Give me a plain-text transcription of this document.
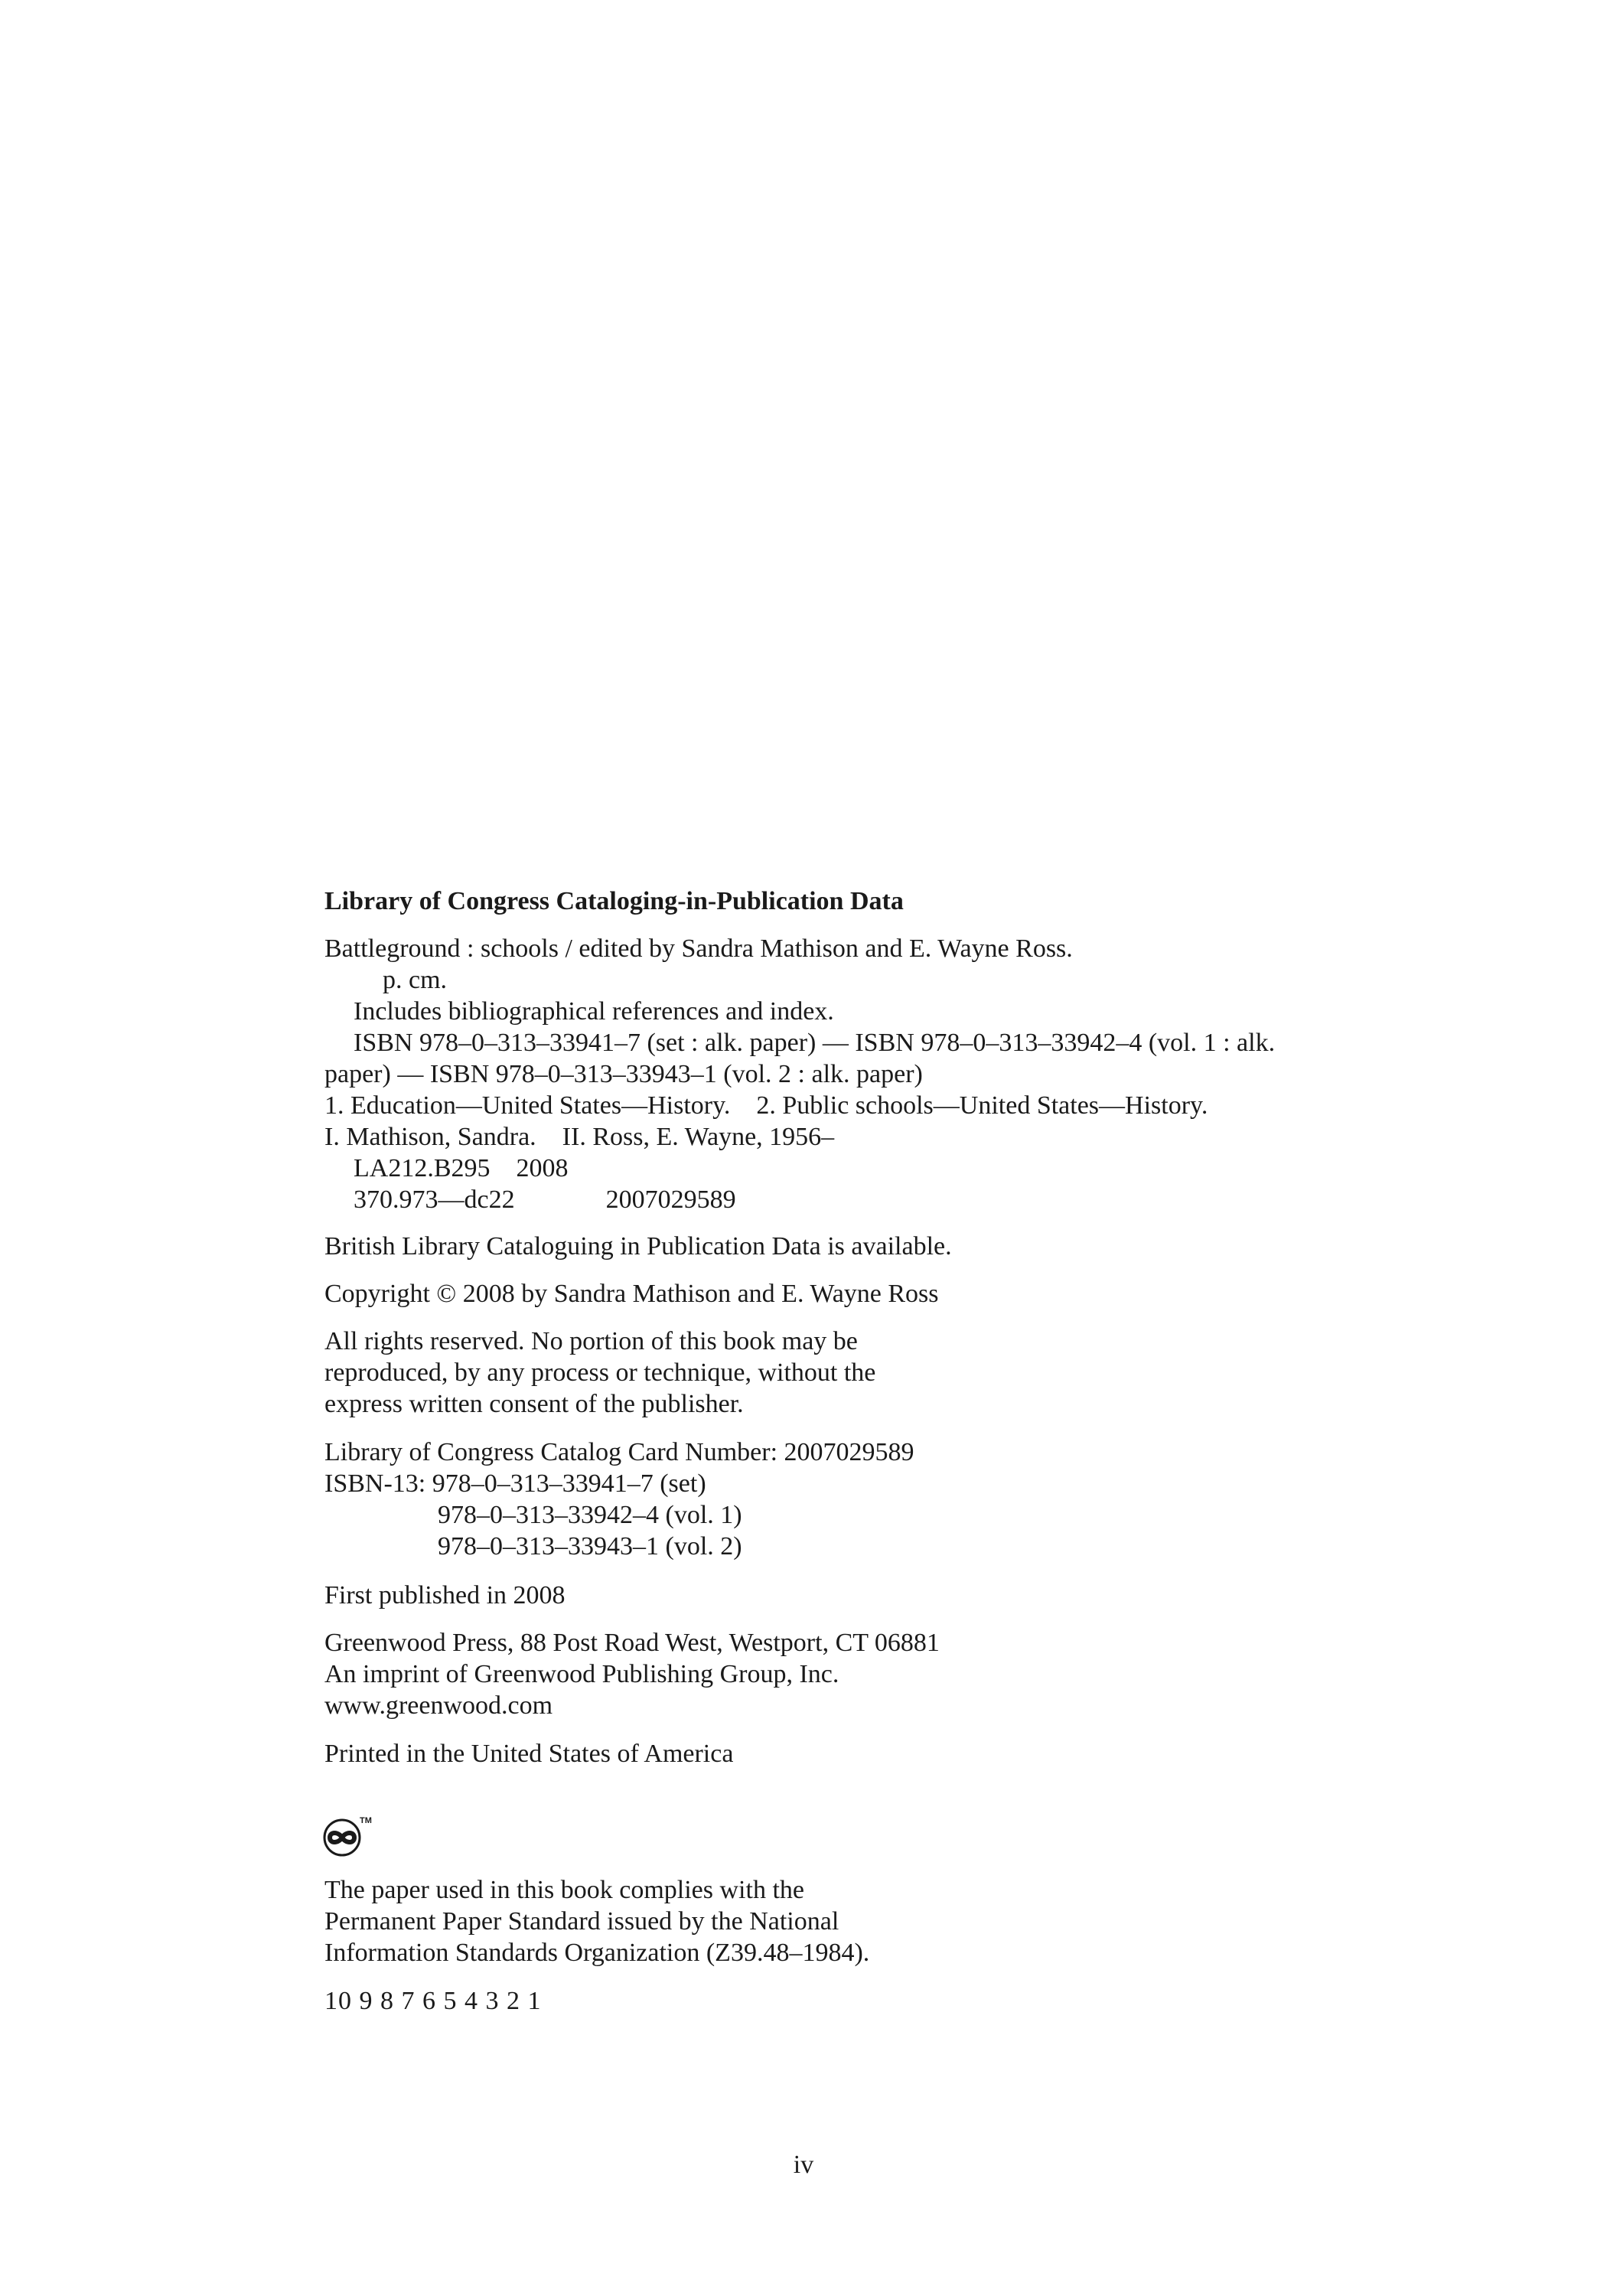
Library of Congress Cataloging-in-Publication Data
Battleground : schools / edited by Sandra Mathison and E. Wayne Ross.
p. cm.
Includes bibliographical references and index.
ISBN 978–0–313–33941–7 (set : alk. paper) — ISBN 978–0–313–33942–4 (vol. 1 : alk.
paper) — ISBN 978–0–313–33943–1 (vol. 2 : alk. paper)
1. Education—United States—History.    2. Public schools—United States—History.
I. Mathison, Sandra.    II. Ross, E. Wayne, 1956–
LA212.B295    2008
370.973—dc22              2007029589
British Library Cataloguing in Publication Data is available.
Copyright © 2008 by Sandra Mathison and E. Wayne Ross
All rights reserved. No portion of this book may be
reproduced, by any process or technique, without the
express written consent of the publisher.
Library of Congress Catalog Card Number: 2007029589
ISBN-13: 978–0–313–33941–7 (set)
978–0–313–33942–4 (vol. 1)
978–0–313–33943–1 (vol. 2)
First published in 2008
Greenwood Press, 88 Post Road West, Westport, CT 06881
An imprint of Greenwood Publishing Group, Inc.
www.greenwood.com
Printed in the United States of America
TM
The paper used in this book complies with the
Permanent Paper Standard issued by the National
Information Standards Organization (Z39.48–1984).
10 9 8 7 6 5 4 3 2 1
iv
